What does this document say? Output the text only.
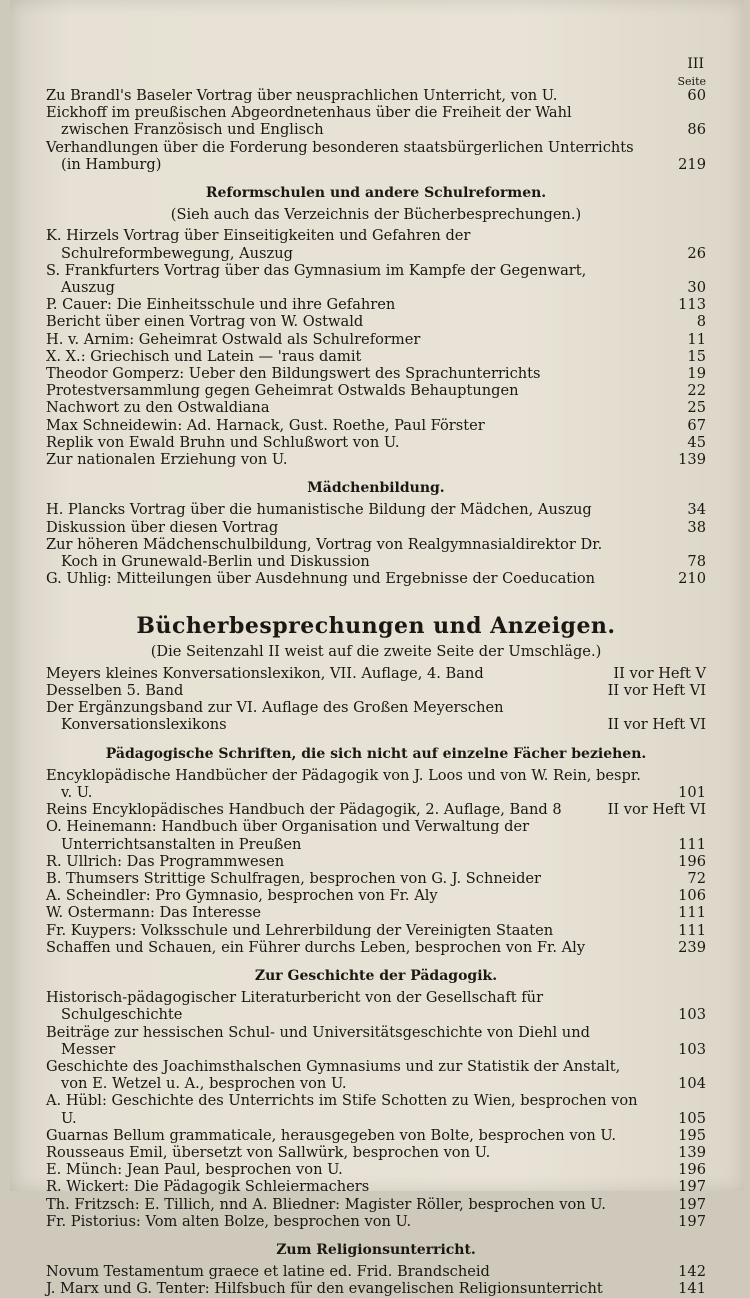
III
Seite
Zu Brandl's Baseler Vortrag über neusprachlichen Unterricht, von U.	60
Eickhoff im preußischen Abgeordnetenhaus über die Freiheit der Wahl zwischen Französisch und Englisch	86
Verhandlungen über die Forderung besonderen staatsbürgerlichen Unterrichts (in Hamburg)	219
Reformschulen und andere Schulreformen.
(Sieh auch das Verzeichnis der Bücherbesprechungen.)
K. Hirzels Vortrag über Einseitigkeiten und Gefahren der Schulreformbewegung, Auszug	26
S. Frankfurters Vortrag über das Gymnasium im Kampfe der Gegenwart, Auszug	30
P. Cauer: Die Einheitsschule und ihre Gefahren	113
Bericht über einen Vortrag von W. Ostwald	8
H. v. Arnim: Geheimrat Ostwald als Schulreformer	11
X. X.: Griechisch und Latein — 'raus damit	15
Theodor Gomperz: Ueber den Bildungswert des Sprachunterrichts	19
Protestversammlung gegen Geheimrat Ostwalds Behauptungen	22
Nachwort zu den Ostwaldiana	25
Max Schneidewin: Ad. Harnack, Gust. Roethe, Paul Förster	67
Replik von Ewald Bruhn und Schlußwort von U.	45
Zur nationalen Erziehung von U.	139
Mädchenbildung.
H. Plancks Vortrag über die humanistische Bildung der Mädchen, Auszug	34
Diskussion über diesen Vortrag	38
Zur höheren Mädchenschulbildung, Vortrag von Realgymnasialdirektor Dr. Koch in Grunewald-Berlin und Diskussion	78
G. Uhlig: Mitteilungen über Ausdehnung und Ergebnisse der Coeducation	210
Bücherbesprechungen und Anzeigen.
(Die Seitenzahl II weist auf die zweite Seite der Umschläge.)
Meyers kleines Konversationslexikon, VII. Auflage, 4. Band	II vor Heft V
Desselben 5. Band	II vor Heft VI
Der Ergänzungsband zur VI. Auflage des Großen Meyerschen Konversationslexikons	II vor Heft VI
Pädagogische Schriften, die sich nicht auf einzelne Fächer beziehen.
Encyklopädische Handbücher der Pädagogik von J. Loos und von W. Rein, bespr. v. U.	101
Reins Encyklopädisches Handbuch der Pädagogik, 2. Auflage, Band 8	II vor Heft VI
O. Heinemann: Handbuch über Organisation und Verwaltung der Unterrichtsanstalten in Preußen	111
R. Ullrich: Das Programmwesen	196
B. Thumsers Strittige Schulfragen, besprochen von G. J. Schneider	72
A. Scheindler: Pro Gymnasio, besprochen von Fr. Aly	106
W. Ostermann: Das Interesse	111
Fr. Kuypers: Volksschule und Lehrerbildung der Vereinigten Staaten	111
Schaffen und Schauen, ein Führer durchs Leben, besprochen von Fr. Aly	239
Zur Geschichte der Pädagogik.
Historisch-pädagogischer Literaturbericht von der Gesellschaft für Schulgeschichte	103
Beiträge zur hessischen Schul- und Universitätsgeschichte von Diehl und Messer	103
Geschichte des Joachimsthalschen Gymnasiums und zur Statistik der Anstalt, von E. Wetzel u. A., besprochen von U.	104
A. Hübl: Geschichte des Unterrichts im Stife Schotten zu Wien, besprochen von U.	105
Guarnas Bellum grammaticale, herausgegeben von Bolte, besprochen von U.	195
Rousseaus Emil, übersetzt von Sallwürk, besprochen von U.	139
E. Münch: Jean Paul, besprochen von U.	196
R. Wickert: Die Pädagogik Schleiermachers	197
Th. Fritzsch: E. Tillich, nnd A. Bliedner: Magister Röller, besprochen von U.	197
Fr. Pistorius: Vom alten Bolze, besprochen von U.	197
Zum Religionsunterricht.
Novum Testamentum graece et latine ed. Frid. Brandscheid	142
J. Marx und G. Tenter: Hilfsbuch für den evangelischen Religionsunterricht	141
